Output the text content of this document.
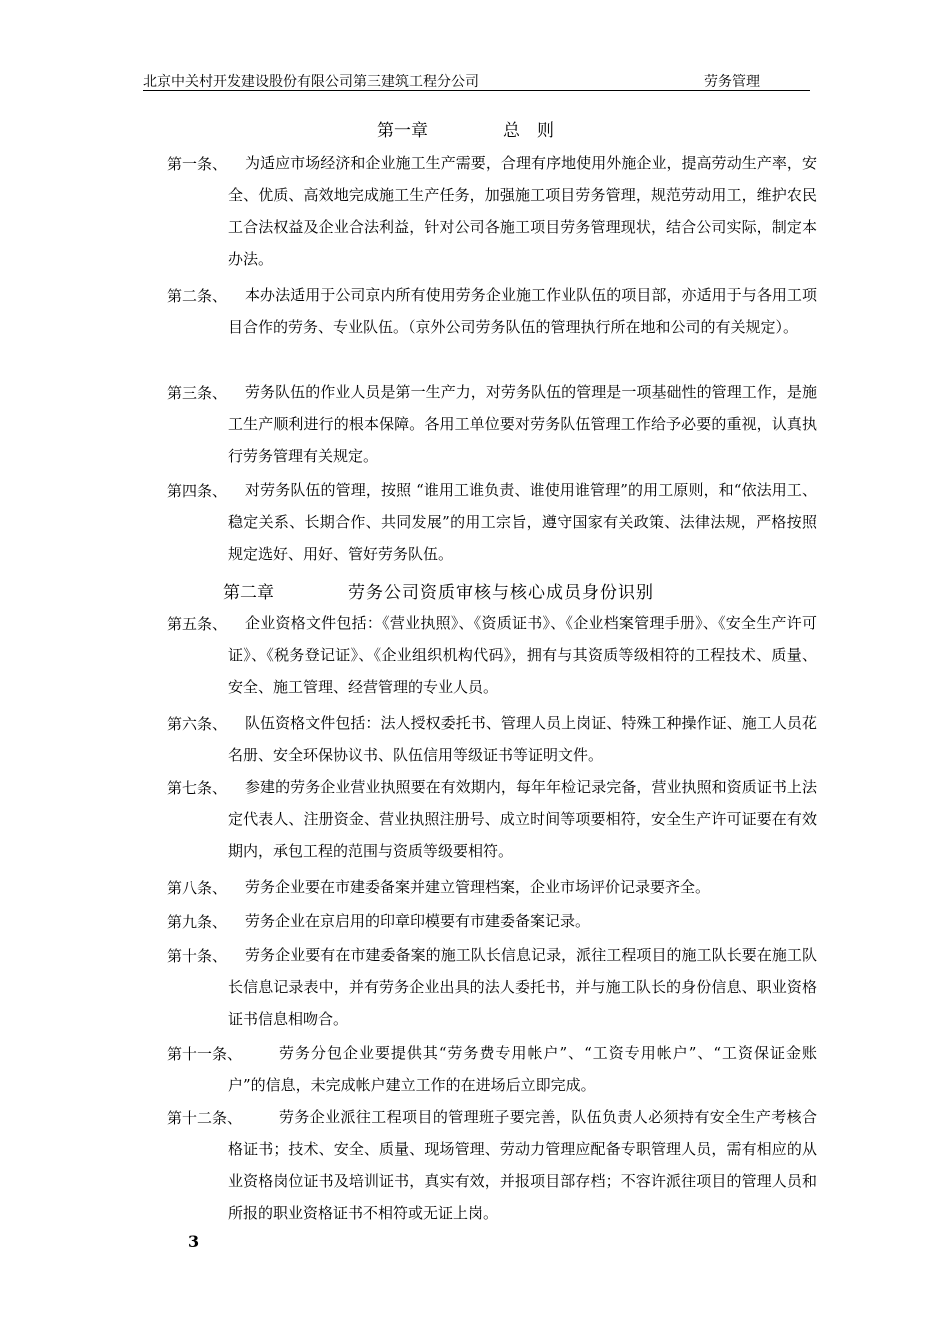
北京中关村开发建设股份有限公司第三建筑工程分公司	劳务管理
第一章	总　则
第一条、	为适应市场经济和企业施工生产需要，合理有序地使用外施企业，提高劳动生产率，安全、优质、高效地完成施工生产任务，加强施工项目劳务管理，规范劳动用工，维护农民工合法权益及企业合法利益，针对公司各施工项目劳务管理现状，结合公司实际，制定本办法。
第二条、	本办法适用于公司京内所有使用劳务企业施工作业队伍的项目部，亦适用于与各用工项目合作的劳务、专业队伍。（京外公司劳务队伍的管理执行所在地和公司的有关规定）。
第三条、	劳务队伍的作业人员是第一生产力，对劳务队伍的管理是一项基础性的管理工作，是施工生产顺利进行的根本保障。各用工单位要对劳务队伍管理工作给予必要的重视，认真执行劳务管理有关规定。
第四条、	对劳务队伍的管理，按照 “谁用工谁负责、谁使用谁管理”的用工原则，和“依法用工、稳定关系、长期合作、共同发展”的用工宗旨，遵守国家有关政策、法律法规，严格按照规定选好、用好、管好劳务队伍。
第二章	劳务公司资质审核与核心成员身份识别
第五条、	企业资格文件包括：《营业执照》、《资质证书》、《企业档案管理手册》、《安全生产许可证》、《税务登记证》、《企业组织机构代码》，拥有与其资质等级相符的工程技术、质量、安全、施工管理、经营管理的专业人员。
第六条、	队伍资格文件包括：法人授权委托书、管理人员上岗证、特殊工种操作证、施工人员花名册、安全环保协议书、队伍信用等级证书等证明文件。
第七条、	参建的劳务企业营业执照要在有效期内，每年年检记录完备，营业执照和资质证书上法定代表人、注册资金、营业执照注册号、成立时间等项要相符，安全生产许可证要在有效期内，承包工程的范围与资质等级要相符。
第八条、	劳务企业要在市建委备案并建立管理档案，企业市场评价记录要齐全。
第九条、	劳务企业在京启用的印章印模要有市建委备案记录。
第十条、	劳务企业要有在市建委备案的施工队长信息记录，派往工程项目的施工队长要在施工队长信息记录表中，并有劳务企业出具的法人委托书，并与施工队长的身份信息、职业资格证书信息相吻合。
第十一条、	劳务分包企业要提供其“劳务费专用帐户”、“工资专用帐户”、“工资保证金账户”的信息，未完成帐户建立工作的在进场后立即完成。
第十二条、	劳务企业派往工程项目的管理班子要完善，队伍负责人必须持有安全生产考核合格证书；技术、安全、质量、现场管理、劳动力管理应配备专职管理人员，需有相应的从业资格岗位证书及培训证书，真实有效，并报项目部存档；不容许派往项目的管理人员和所报的职业资格证书不相符或无证上岗。
3
